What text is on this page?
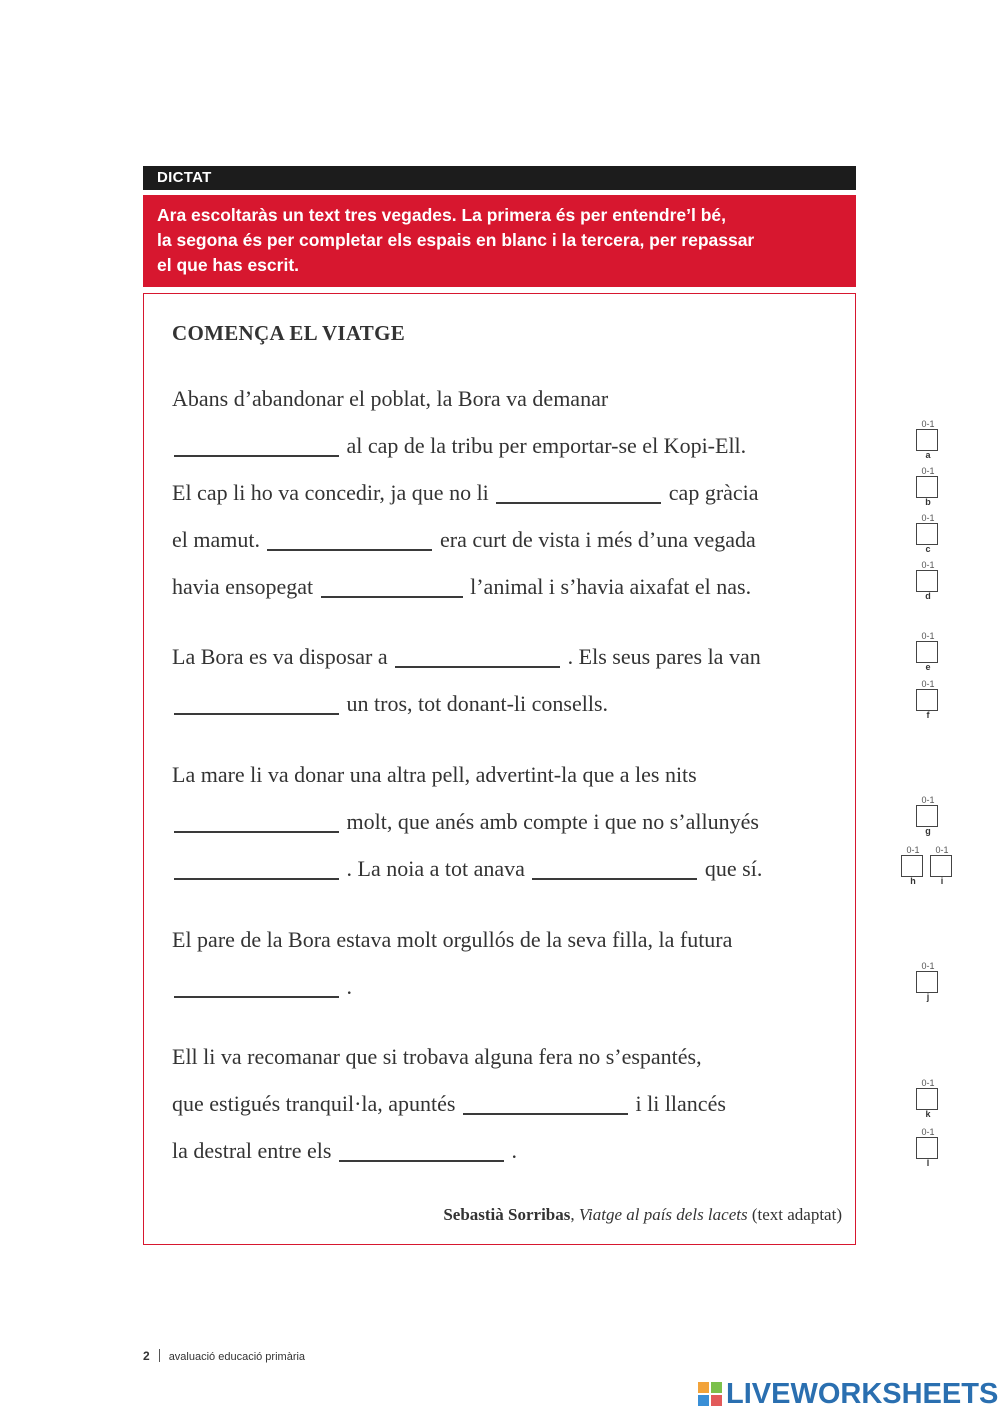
DICTAT
Ara escoltaràs un text tres vegades. La primera és per entendre’l bé,
la segona és per completar els espais en blanc i la tercera, per repassar
el que has escrit.
COMENÇA EL VIATGE
Abans d’abandonar el poblat, la Bora va demanar
al cap de la tribu per emportar-se el Kopi-Ell.
El cap li ho va concedir, ja que no li	cap gràcia
el mamut.	era curt de vista i més d’una vegada
havia ensopegat	l’animal i s’havia aixafat el nas.
La Bora es va disposar a	. Els seus pares la van
un tros, tot donant-li consells.
La mare li va donar una altra pell, advertint-la que a les nits
molt, que anés amb compte i que no s’allunyés
. La noia a tot anava	que sí.
El pare de la Bora estava molt orgullós de la seva filla, la futura
.
Ell li va recomanar que si trobava alguna fera no s’espantés,
que estigués tranquil·la, apuntés	i li llancés
la destral entre els	.
Sebastià Sorribas, Viatge al país dels lacets (text adaptat)
0-1
a
0-1
b
0-1
c
0-1
d
0-1
e
0-1
f
0-1
g
0-1
h
0-1
i
0-1
j
0-1
k
0-1
l
2 avaluació educació primària
LIVEWORKSHEETS
